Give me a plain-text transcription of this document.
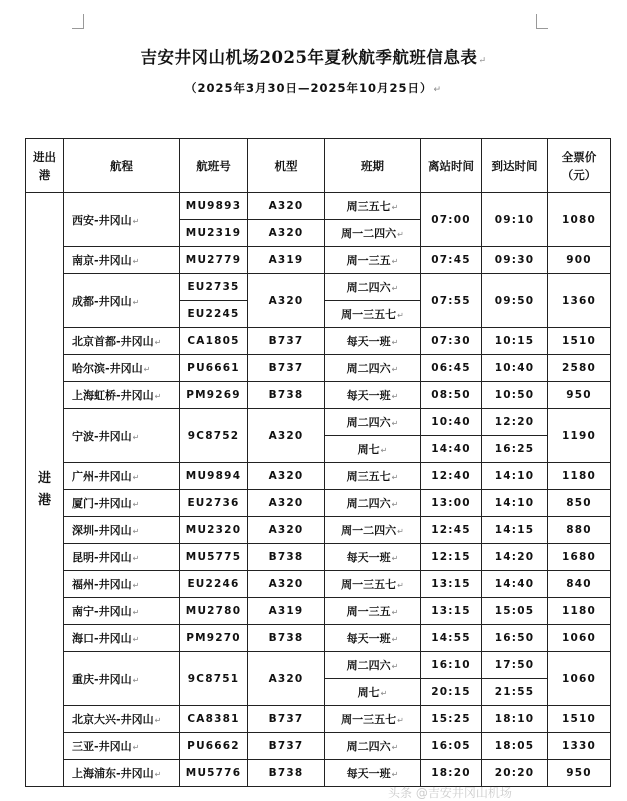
吉安井冈山机场2025年夏秋航季航班信息表↵
（2025年3月30日—2025年10月25日）↵
进出港	航程	航班号	机型	班期	离站时间	到达时间	全票价（元）
进港	西安-井冈山↵	MU9893	A320	周三五七↵	07:00	09:10	1080
		MU2319	A320	周一二四六↵			
	南京-井冈山↵	MU2779	A319	周一三五↵	07:45	09:30	900
	成都-井冈山↵	EU2735	A320	周二四六↵	07:55	09:50	1360
		EU2245		周一三五七↵			
	北京首都-井冈山↵	CA1805	B737	每天一班↵	07:30	10:15	1510
	哈尔滨-井冈山↵	PU6661	B737	周二四六↵	06:45	10:40	2580
	上海虹桥-井冈山↵	PM9269	B738	每天一班↵	08:50	10:50	950
	宁波-井冈山↵	9C8752	A320	周二四六↵	10:40	12:20	1190
				周七↵	14:40	16:25	
	广州-井冈山↵	MU9894	A320	周三五七↵	12:40	14:10	1180
	厦门-井冈山↵	EU2736	A320	周二四六↵	13:00	14:10	850
	深圳-井冈山↵	MU2320	A320	周一二四六↵	12:45	14:15	880
	昆明-井冈山↵	MU5775	B738	每天一班↵	12:15	14:20	1680
	福州-井冈山↵	EU2246	A320	周一三五七↵	13:15	14:40	840
	南宁-井冈山↵	MU2780	A319	周一三五↵	13:15	15:05	1180
	海口-井冈山↵	PM9270	B738	每天一班↵	14:55	16:50	1060
	重庆-井冈山↵	9C8751	A320	周二四六↵	16:10	17:50	1060
				周七↵	20:15	21:55	
	北京大兴-井冈山↵	CA8381	B737	周一三五七↵	15:25	18:10	1510
	三亚-井冈山↵	PU6662	B737	周二四六↵	16:05	18:05	1330
	上海浦东-井冈山↵	MU5776	B738	每天一班↵	18:20	20:20	950
头条 @吉安井冈山机场
